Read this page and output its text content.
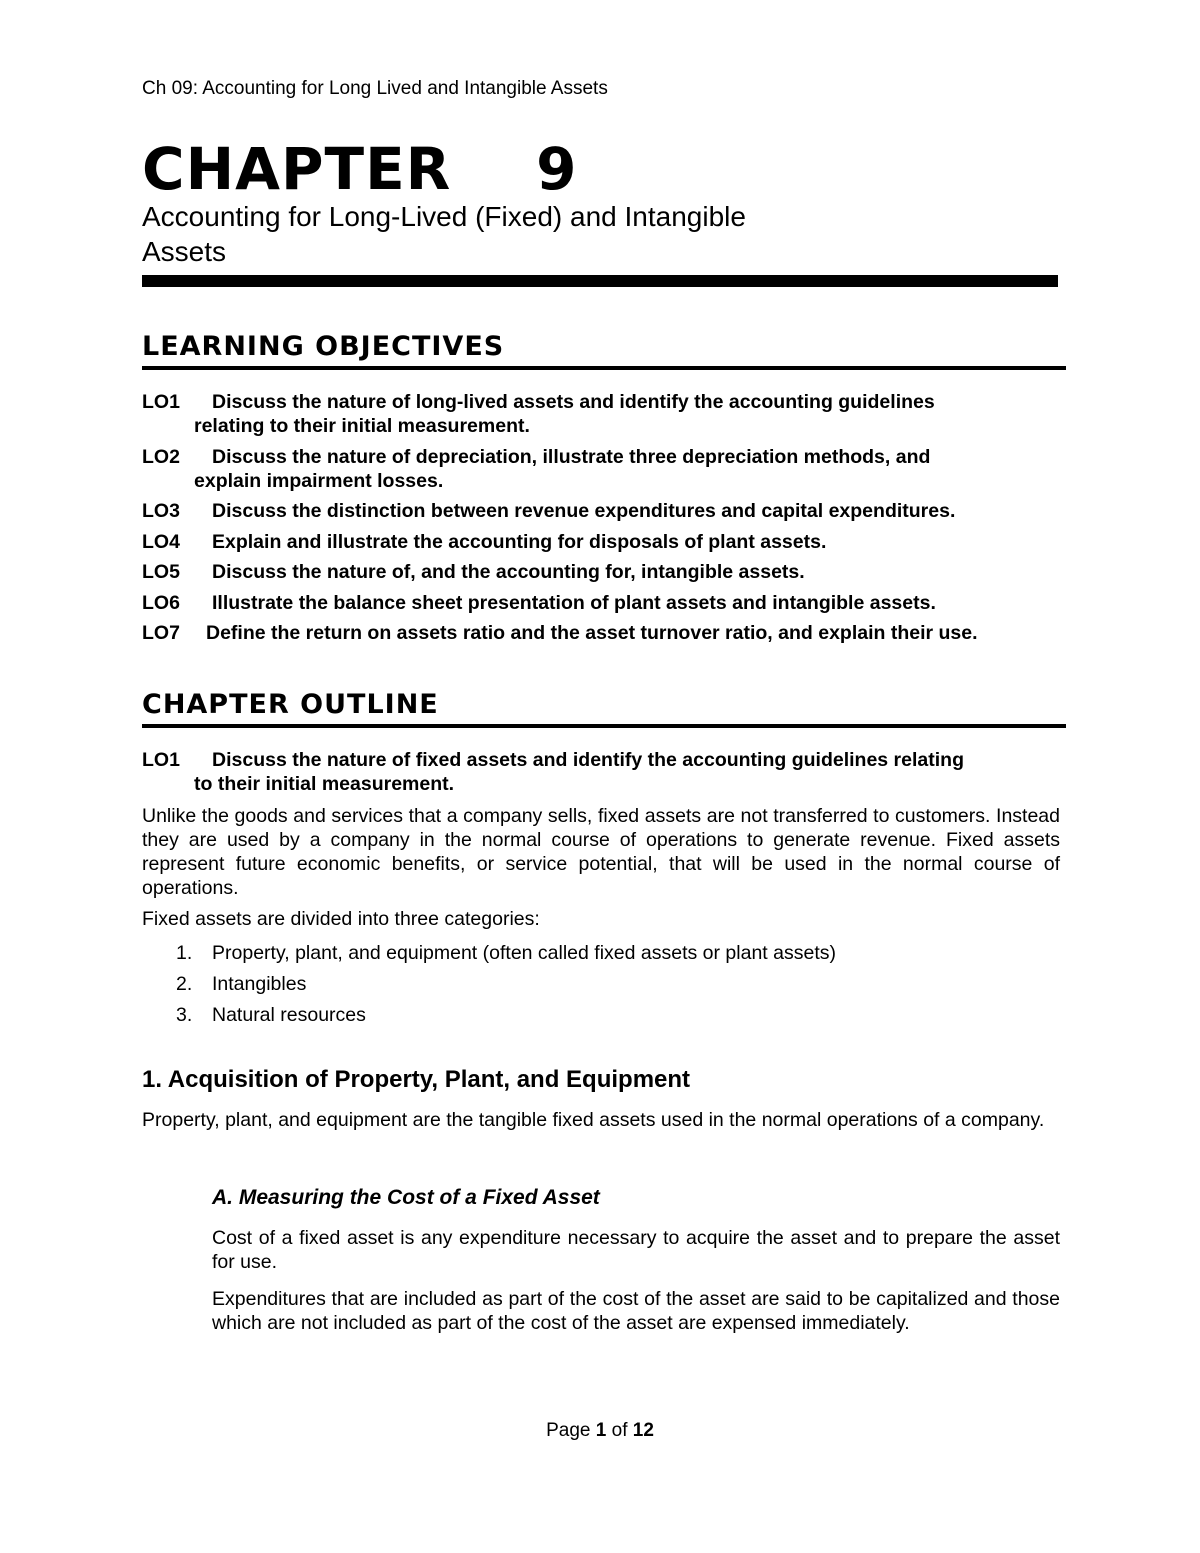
Ch 09: Accounting for Long Lived and Intangible Assets
CHAPTER    9
Accounting for Long-Lived (Fixed) and Intangible
Assets
LEARNING OBJECTIVES
LO1 Discuss the nature of long-lived assets and identify the accounting guidelines
relating to their initial measurement.
LO2 Discuss the nature of depreciation, illustrate three depreciation methods, and
explain impairment losses.
LO3 Discuss the distinction between revenue expenditures and capital expenditures.
LO4 Explain and illustrate the accounting for disposals of plant assets.
LO5 Discuss the nature of, and the accounting for, intangible assets.
LO6 Illustrate the balance sheet presentation of plant assets and intangible assets.
LO7 Define the return on assets ratio and the asset turnover ratio, and explain their use.
CHAPTER OUTLINE
LO1 Discuss the nature of fixed assets and identify the accounting guidelines relating
to their initial measurement.
Unlike the goods and services that a company sells, fixed assets are not transferred to customers. Instead they are used by a company in the normal course of operations to generate revenue. Fixed assets represent future economic benefits, or service potential, that will be used in the normal course of operations.
Fixed assets are divided into three categories:
1. Property, plant, and equipment (often called fixed assets or plant assets)
2. Intangibles
3. Natural resources
1. Acquisition of Property, Plant, and Equipment
Property, plant, and equipment are the tangible fixed assets used in the normal operations of a company.
A. Measuring the Cost of a Fixed Asset
Cost of a fixed asset is any expenditure necessary to acquire the asset and to prepare the asset for use.
Expenditures that are included as part of the cost of the asset are said to be capitalized and those which are not included as part of the cost of the asset are expensed immediately.
Page 1 of 12
